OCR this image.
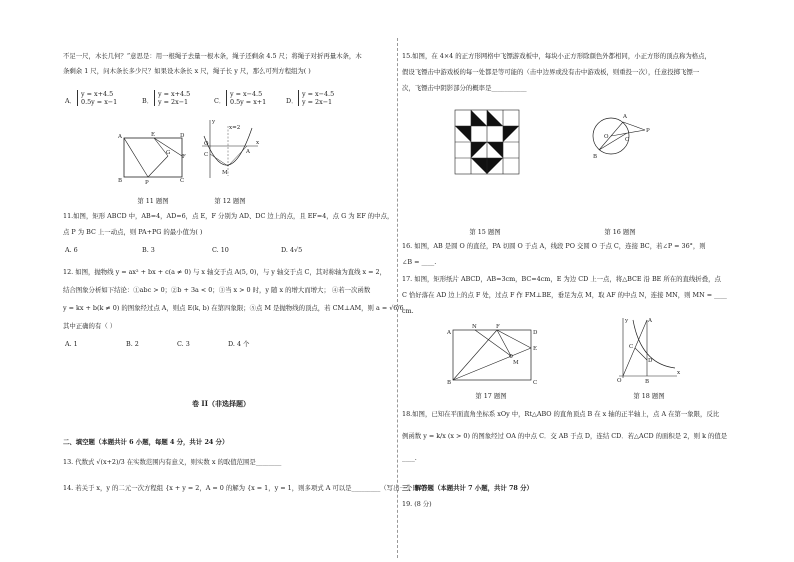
不足一尺，木长几何？”意思是：用一根绳子去量一根木条，绳子还剩余 4.5 尺；将绳子对折再量木条，木
条剩余 1 尺，问木条长多少尺？如果设木条长 x 尺，绳子长 y 尺，那么可列方程组为( )
A．
y = x+4.5
0.5y = x−1	B．
y = x+4.5
y = 2x−1	C．
y = x−4.5
0.5y = x+1	D．
y = x−4.5
y = 2x−1
A	E	D
F
G
B	P	C
第 11 题图
y
x
x=2
O
C	A
M
第 12 题图
11.如图，矩形 ABCD 中，AB=4，AD=6，点 E，F 分别为 AD、DC 边上的点，且 EF=4，点 G 为 EF 的中点，
点 P 为 BC 上一动点，则 PA+PG 的最小值为( )
A. 6	B. 3	C. 10	D. 4√5
12. 如图，抛物线 y = ax² + bx + c(a ≠ 0) 与 x 轴交于点 A(5, 0)，与 y 轴交于点 C，其对称轴为直线 x = 2，
结合图象分析如下结论：①abc > 0；②b + 3a < 0；③当 x > 0 时，y 随 x 的增大而增大； ④若一次函数
y = kx + b(k ≠ 0) 的图象经过点 A，则点 E(k, b) 在第四象限；⑤点 M 是抛物线的顶点，若 CM⊥AM，则 a = √6/6
其中正确的有（ ）
A. 1	B. 2	C. 3	D. 4 个
卷 II（非选择题）
二、填空题（本题共计 6 小题，每题 4 分，共计 24 分）
13. 代数式 √(x+2)/3 在实数范围内有意义，则实数 x 的取值范围是________
14. 若关于 x，y 的二元一次方程组 {x + y = 2，A = 0 的解为 {x = 1，y = 1，则多项式 A 可以是_________（写出一个即可）.
15.如图，在 4×4 的正方形网格中飞镖游戏板中，每块小正方形除颜色外都相同，小正方形的顶点称为格点，
假设飞镖击中游戏板的每一处都是等可能的（击中边界或没有击中游戏板，则重投一次），任意投掷飞镖一
次，飞镖击中阴影部分的概率是___________
第 15 题图
O
A
P
C
B
第 16 题图
16. 如图，AB 是圆 O 的直径，PA 切圆 O 于点 A，线段 PO 交圆 O 于点 C，连接 BC，若∠P = 36°，则
∠B = ____.
17. 如图，矩形纸片 ABCD，AB=3cm，BC=4cm，E 为边 CD 上一点，将△BCE 沿 BE 所在的直线折叠，点
C 恰好落在 AD 边上的点 F 处，过点 F 作 FM⊥BE，垂足为点 M，取 AF 的中点 N，连接 MN，则 MN = ____
cm.
A
N	F
D
E
M
B	C
第 17 题图
y
x
O
A
C
D
B
第 18 题图
18.如图，已知在平面直角坐标系 xOy 中，Rt△ABO 的直角顶点 B 在 x 轴的正半轴上，点 A 在第一象限，反比
例函数 y = k/x (x > 0) 的图象经过 OA 的中点 C．交 AB 于点 D，连结 CD．若△ACD 的面积是 2，则 k 的值是
____.
三、解答题（本题共计 7 小题，共计 78 分）
19. (8 分)
